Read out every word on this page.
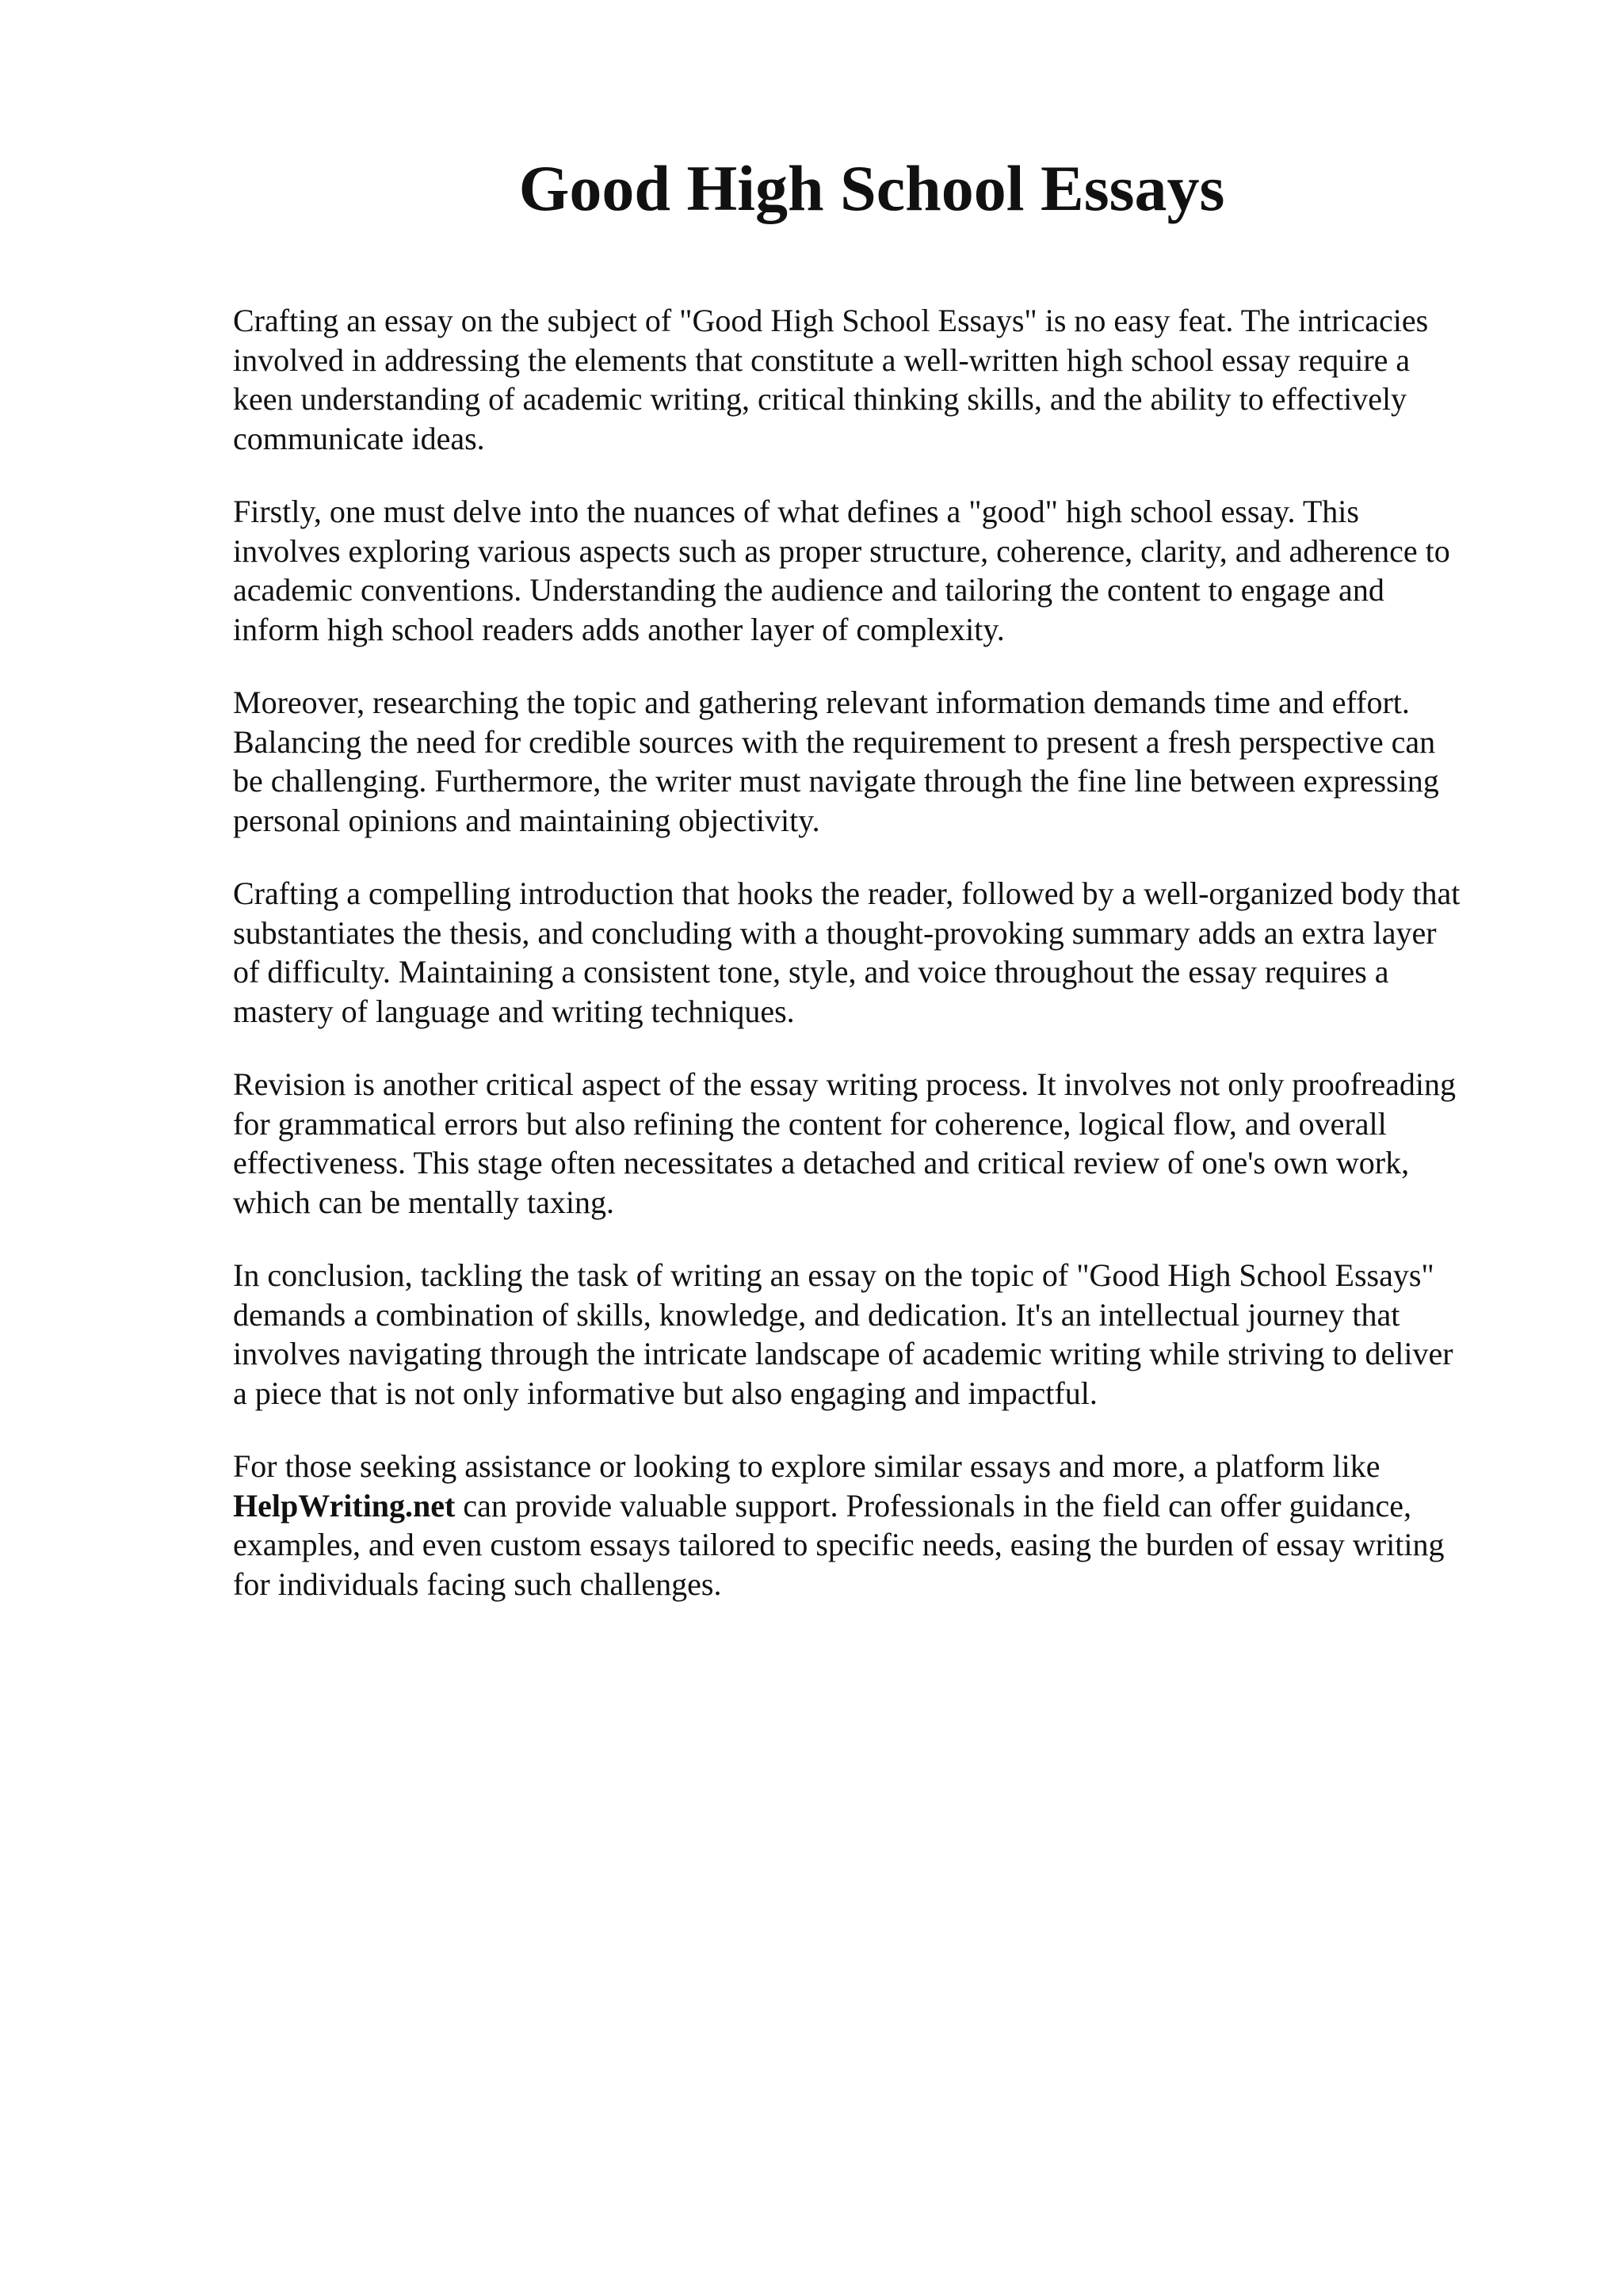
Good High School Essays

Crafting an essay on the subject of "Good High School Essays" is no easy feat. The intricacies
involved in addressing the elements that constitute a well-written high school essay require a
keen understanding of academic writing, critical thinking skills, and the ability to effectively
communicate ideas.

Firstly, one must delve into the nuances of what defines a "good" high school essay. This
involves exploring various aspects such as proper structure, coherence, clarity, and adherence to
academic conventions. Understanding the audience and tailoring the content to engage and
inform high school readers adds another layer of complexity.

Moreover, researching the topic and gathering relevant information demands time and effort.
Balancing the need for credible sources with the requirement to present a fresh perspective can
be challenging. Furthermore, the writer must navigate through the fine line between expressing
personal opinions and maintaining objectivity.

Crafting a compelling introduction that hooks the reader, followed by a well-organized body that
substantiates the thesis, and concluding with a thought-provoking summary adds an extra layer
of difficulty. Maintaining a consistent tone, style, and voice throughout the essay requires a
mastery of language and writing techniques.

Revision is another critical aspect of the essay writing process. It involves not only proofreading
for grammatical errors but also refining the content for coherence, logical flow, and overall
effectiveness. This stage often necessitates a detached and critical review of one's own work,
which can be mentally taxing.

In conclusion, tackling the task of writing an essay on the topic of "Good High School Essays"
demands a combination of skills, knowledge, and dedication. It's an intellectual journey that
involves navigating through the intricate landscape of academic writing while striving to deliver
a piece that is not only informative but also engaging and impactful.

For those seeking assistance or looking to explore similar essays and more, a platform like
HelpWriting.net can provide valuable support. Professionals in the field can offer guidance,
examples, and even custom essays tailored to specific needs, easing the burden of essay writing
for individuals facing such challenges.
